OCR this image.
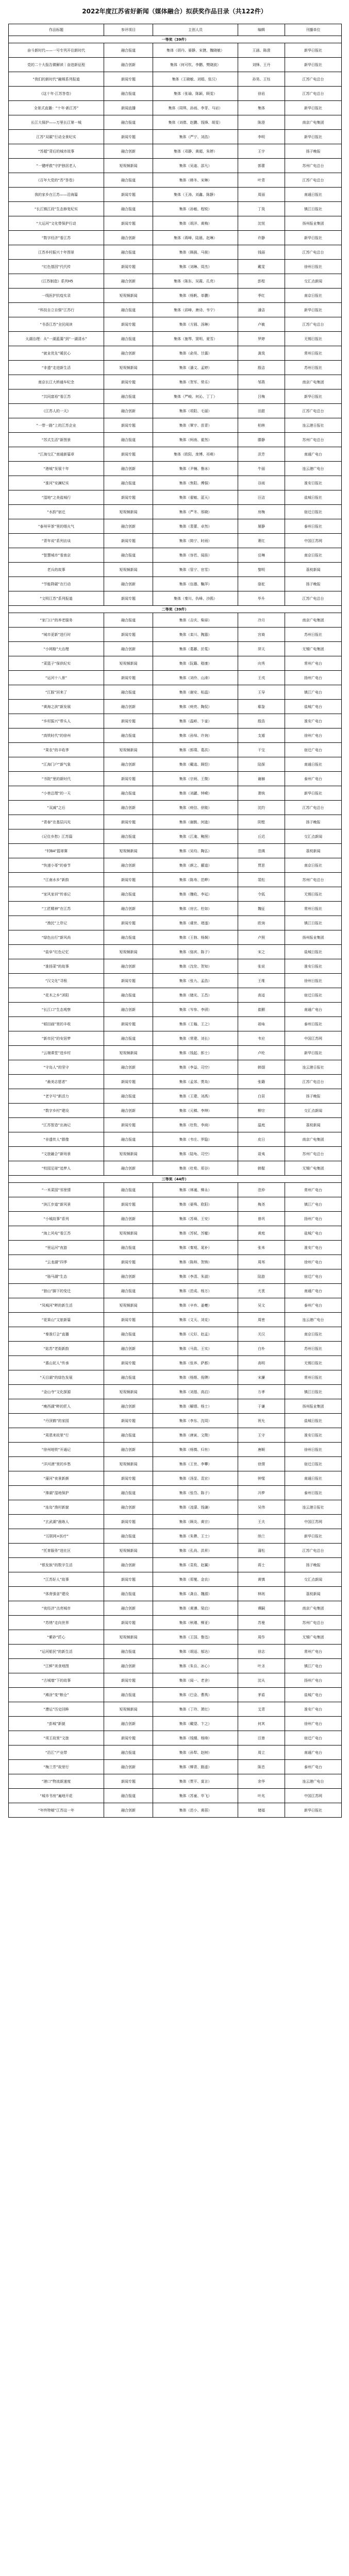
2022年度江苏省好新闻（媒体融合）拟获奖作品目录（共122件）
作品标题	参评项目	主创人员	编辑	刊播单位
一等奖（39件）				
奋斗新时代——一号专列开往新时代	融合报道	集体（胡丹、晏静、宋捷、魏晓敏）	王涵、陈澄	新华日报社
党的二十大报告微解读｜奋进新征程	融合创新	集体（何可钦、李鹏、樊晓波）	刘锋、王丹	新华日报社
“我们的新时代”融媒系列报道	新闻专题	集体（王晓敏、刘娟、张汉）	孙昊、王钰	江苏广电总台
《这十年·江苏答卷》	融合报道	集体（张瑜、陈颖、顾雯）	徐岩	江苏广电总台
全景式直播：“十年·新江苏”	新闻直播	集体（周琪、孙雨、李菲、马岩）	集体	新华日报社
长江大保护——万里长江第一城	融合报道	集体（刘倩、赵鹏、钱锋、胡雯）	陈澄	南京广电集团
江苏“双碳”行动全景纪实	新闻专题	集体（严宁、刘浩）	李明	新华日报社
“苏超”背后的城市故事	融合创新	集体（邓静、黄超、朱婷）	王宇	扬子晚报
“一键呼救”守护独居老人	短视频新闻	集体（吴迪、邵凡）	郭蕾	苏州广电总台
《百年大党的“苏”答卷》	融合报道	集体（韩冬、宋琳）	叶青	江苏广电总台
我的家乡在江苏——沿海篇	新闻专题	集体（王涛、刘鑫、陈静）	周丽	南通日报社
“长江镇江段”生态修复纪实	融合报道	集体（孙敏、程锐）	丁岚	镇江日报社
“大运河”文化带保护行动	新闻专题	集体（胡洋、黄梅）	沈悦	扬州报业集团
“数字经济”看江苏	融合创新	集体（蒋峰、陆晨、赵琳）	许静	新华日报社
江苏乡村振兴十年图景	融合报道	集体（顾晨、马骏）	钱丽	江苏广电总台
“红色基因”代代传	新闻专题	集体（刘琳、周杰）	戴雯	徐州日报社
《江苏制造》系列H5	融合创新	集体（陈东、吴霞、孔亮）	彭程	交汇点新闻
一线医护抗疫实录	短视频新闻	集体（杨帆、单鹏）	季红	南京日报社
“科技自立自强”江苏行	融合报道	集体（邱峰、唐诗、韦宁）	潘洁	新华日报社
“书香江苏”全民阅读	新闻专题	集体（方圆、汤琳）	卢敏	江苏广电总台
太湖治理：从“一湖蓝藻”到“一湖清水”	融合报道	集体（施琴、窦明、夏雪）	罗婷	无锡日报社
“就业优先”暖民心	融合创新	集体（俞昊、甘露）	龚岚	常州日报社
“非遗”走进新生活	短视频新闻	集体（潘文、孟婷）	殷洁	苏州日报社
南京长江大桥通车纪念	新闻专题	集体（贺军、常乐）	邹燕	南京广电集团
“共同富裕”看江苏	融合报道	集体（严峻、何沁、丁丁）	吕梅	新华日报社
《江苏人的一天》	融合创新	集体（项阳、毛丽）	田甜	江苏广电总台
“一带一路”上的江苏企业	新闻专题	集体（覃宇、苗青）	柏林	连云港日报社
“苏式生活”新图景	融合报道	集体（柯南、霍然）	滕静	苏州广电总台
“江海交汇”南通新篇章	新闻专题	集体（欧阳、庞博、祁萌）	洪芳	南通广电台
“港城”发展十年	融合创新	集体（尹楠、鲁冰）	牛丽	连云港广电台
“淮河”安澜纪实	融合报道	集体（焦阳、傅强）	谷雨	淮安日报社
“湿地”之美盐城行	新闻专题	集体（翟敏、蓝天）	汪洁	盐城日报社
“水韵”宿迁	短视频新闻	集体（严冬、邢晓）	房梅	宿迁日报社
“泰州早茶”里的烟火气	融合创新	集体（裴蕾、卓然）	屠静	泰州日报社
“青年说”系列访谈	新闻专题	集体（简宁、时雨）	萧红	中国江苏网
“智慧城市”看南京	融合报道	集体（容若、闻笛）	岳琳	南京日报社
老兵的故事	短视频新闻	集体（管宁、官雪）	黎明	荔枝新闻
“节能降碳”在行动	融合创新	集体（伍德、鞠萍）	骆驼	扬子晚报
“文明江苏”系列报道	新闻专题	集体（秦川、仇峰、沙鸥）	毕升	江苏广电总台
二等奖（39件）				
“家门口”的养老服务	融合报道	集体（吉庆、柴扉）	冷月	南京广电集团
“城市更新”进行时	新闻专题	集体（栾川、隗嚣）	宫商	苏州日报社
“小网格”大治理	融合创新	集体（葛藤、於菟）	羿天	无锡广电集团
“菜篮子”保供纪实	短视频新闻	集体（阮籍、嵇康）	向秀	常州广电台
“运河十八景”	新闻专题	集体（刘伶、山涛）	王戎	扬州广电台
“江豚”回来了	融合报道	集体（谢安、桓温）	王导	镇江广电台
“黄海之滨”新发展	融合创新	集体（庾亮、陶侃）	郗鉴	盐城广电台
“乡村振兴”带头人	新闻专题	集体（温峤、卞壶）	殷浩	淮安广电台
“高铁时代”的徐州	融合报道	集体（孙绰、许询）	支遁	徐州广电台
“果农”的丰收季	短视频新闻	集体（郭璞、葛洪）	干宝	宿迁广电台
“江海门户”新气象	融合创新	集体（戴逵、顾恺）	陆探	南通日报社
“书院”里的新时代	新闻专题	集体（宗炳、王微）	谢赫	泰州广电台
“小巷总理”的一天	融合报道	集体（刘勰、钟嵘）	萧统	新华日报社
“双减”之后	融合创新	集体（庾信、徐陵）	沈约	江苏广电总台
“青春”在基层闪光	新闻专题	集体（谢朓、何逊）	阴铿	扬子晚报
《记住乡愁》江苏篇	融合报道	集体（江淹、鲍照）	丘迟	交汇点新闻
“村BA”篮球赛	短视频新闻	集体（吴均、陶弘）	范缜	荔枝新闻
“快递小哥”的春节	融合创新	集体（颜之、郦道）	贾思	南京日报社
“江南水乡”新韵	新闻专题	集体（陈寿、范晔）	裴松	苏州广电总台
“家风家训”传承记	融合报道	集体（魏收、李延）	令狐	无锡日报社
“工匠精神”在江苏	融合创新	集体（房玄、杜如）	魏征	常州日报社
“渔民”上岸记	新闻专题	集体（虞世、褚遂）	欧询	镇江日报社
“绿色出行”新风尚	融合报道	集体（王勃、杨炯）	卢照	扬州报业集团
“盐阜”红色记忆	短视频新闻	集体（骆宾、陈子）	宋之	盐城日报社
“淮扬菜”的故事	融合创新	集体（沈佺、贺知）	张说	淮安日报社
“汉文化”寻根	新闻专题	集体（张九、孟浩）	王维	徐州日报社
“花木之乡”沭阳	融合报道	集体（储光、王昌）	高适	宿迁日报社
“长江口”生态观察	融合创新	集体（岑参、李颀）	崔颢	南通广电台
“稻田画”里的丰收	新闻专题	集体（王翰、王之）	祖咏	泰州日报社
“新市民”的安居梦	融合报道	集体（常建、刘长）	韦应	中国江苏网
“云端课堂”进乡村	短视频新闻	集体（钱起、郎士）	卢纶	新华日报社
“守岛人”的坚守	融合创新	集体（李益、司空）	韩翃	连云港日报社
“最美志愿者”	新闻专题	集体（孟郊、贾岛）	张籍	江苏广电总台
“老字号”新活力	融合报道	集体（王建、刘禹）	白居	扬子晚报
“数字乡村”建设	融合创新	集体（元稹、李绅）	柳宗	交汇点新闻
“江苏智造”出海记	新闻专题	集体（杜牧、李商）	温庭	荔枝新闻
“非遗传人”群像	融合报道	集体（韦庄、罗隐）	皮日	南京广电集团
“文旅融合”新场景	短视频新闻	集体（陆龟、司空）	聂夷	苏州广电总台
“校园足球”追梦人	融合创新	集体（杜荀、郑谷）	韩偓	无锡广电集团
三等奖（44件）				
“一米菜园”邻里情	融合报道	集体（林逋、柳永）	范仲	常州广电台
“滨江步道”新风景	新闻专题	集体（晏殊、欧阳）	梅尧	镇江广电台
“小城故事”系列	融合创新	集体（苏舜、王安）	曾巩	扬州广电台
“海上风电”看江苏	短视频新闻	集体（苏轼、苏辙）	黄庭	盐城广电台
“里运河”夜游	融合报道	集体（秦观、晁补）	张耒	淮安广电台
“云龙湖”四季	新闻专题	集体（陈师、贺铸）	周邦	徐州广电台
“骆马湖”生态	融合创新	集体（李清、朱淑）	陆游	宿迁广电台
“狼山”脚下的变迁	融合报道	集体（范成、杨万）	尤袤	南通广电台
“凤城河”畔的新生活	短视频新闻	集体（辛弃、姜夔）	吴文	泰州广电台
“花果山”文旅新篇	新闻专题	集体（文天、刘克）	周密	连云港广电台
“秦淮灯会”直播	融合报道	集体（元好、赵孟）	关汉	南京日报社
“姑苏”老街新韵	融合创新	集体（马致、王实）	白朴	苏州日报社
“惠山泥人”传承	新闻专题	集体（张养、萨都）	高明	无锡日报社
“天目湖”的绿色发展	融合报道	集体（杨维、倪瓒）	宋濂	常州日报社
“金山寺”文化探源	短视频新闻	集体（刘基、高启）	方孝	镇江日报社
“瘦西湖”畔的匠人	融合创新	集体（解缙、杨士）	于谦	扬州报业集团
“丹顶鹤”的家园	新闻专题	集体（李东、沈周）	祝允	盐城日报社
“周恩来故里”行	融合报道	集体（唐寅、文徵）	王守	淮安日报社
“徐州地铁”开通记	融合创新	集体（杨慎、归有）	唐顺	徐州日报社
“洋河酒”里的乡愁	短视频新闻	集体（王世、李攀）	徐渭	宿迁日报社
“濠河”夜景新颜	新闻专题	集体（汤显、袁宏）	钟惺	南通日报社
“溱湖”湿地保护	融合报道	集体（张岱、陈子）	冯梦	泰州日报社
“连岛”渔村新貌	融合创新	集体（凌濛、钱谦）	吴伟	连云港日报社
“玄武湖”晨练人	新闻专题	集体（顾炎、黄宗）	王夫	中国江苏网
“互联网+医疗”	融合报道	集体（朱彝、王士）	纳兰	新华日报社
“托育服务”进社区	短视频新闻	集体（孔尚、洪昇）	蒲松	江苏广电总台
“银发族”的数字生活	融合创新	集体（袁枚、赵翼）	蒋士	扬子晚报
“江苏好人”故事	新闻专题	集体（郑燮、金农）	黄慎	交汇点新闻
“体育强省”建设	融合报道	集体（龚自、魏源）	林则	荔枝新闻
“夜经济”点亮城市	融合创新	集体（黄遵、梁启）	谭嗣	南京广电集团
“苏绣”走向世界	新闻专题	集体（秋瑾、柳亚）	苏曼	苏州广电总台
“紫砂”匠心	短视频新闻	集体（王国、鲁迅）	周作	无锡广电集团
“运河船民”的新生活	融合报道	集体（胡适、郁达）	徐志	常州广电台
“江鲜”美食地图	融合创新	集体（朱自、冰心）	叶圣	镇江广电台
“古城墙”下的故事	新闻专题	集体（闻一、老舍）	沈从	扬州广电台
“滩涂”变“粮仓”	融合报道	集体（巴金、曹禺）	茅盾	盐城广电台
“漕运”历史回眸	短视频新闻	集体（丁玲、萧红）	艾青	淮安广电台
“彭城”新貌	融合创新	集体（戴望、卞之）	何其	徐州广电台
“项王故里”文旅	新闻专题	集体（钱锺、杨绛）	汪曾	宿迁广电台
“沿江”产业带	融合报道	集体（孙犁、赵树）	周立	南通广电台
“梅兰芳”故里行	融合创新	集体（柳青、路遥）	陈忠	泰州广电台
“港口”物流新速度	新闻专题	集体（贾平、莫言）	余华	连云港广电台
“城市书房”遍地开花	融合报道	集体（苏童、毕飞）	叶兆	中国江苏网
“年终特稿”江苏这一年	融合创新	集体（范小、黄蓓）	储福	新华日报社
